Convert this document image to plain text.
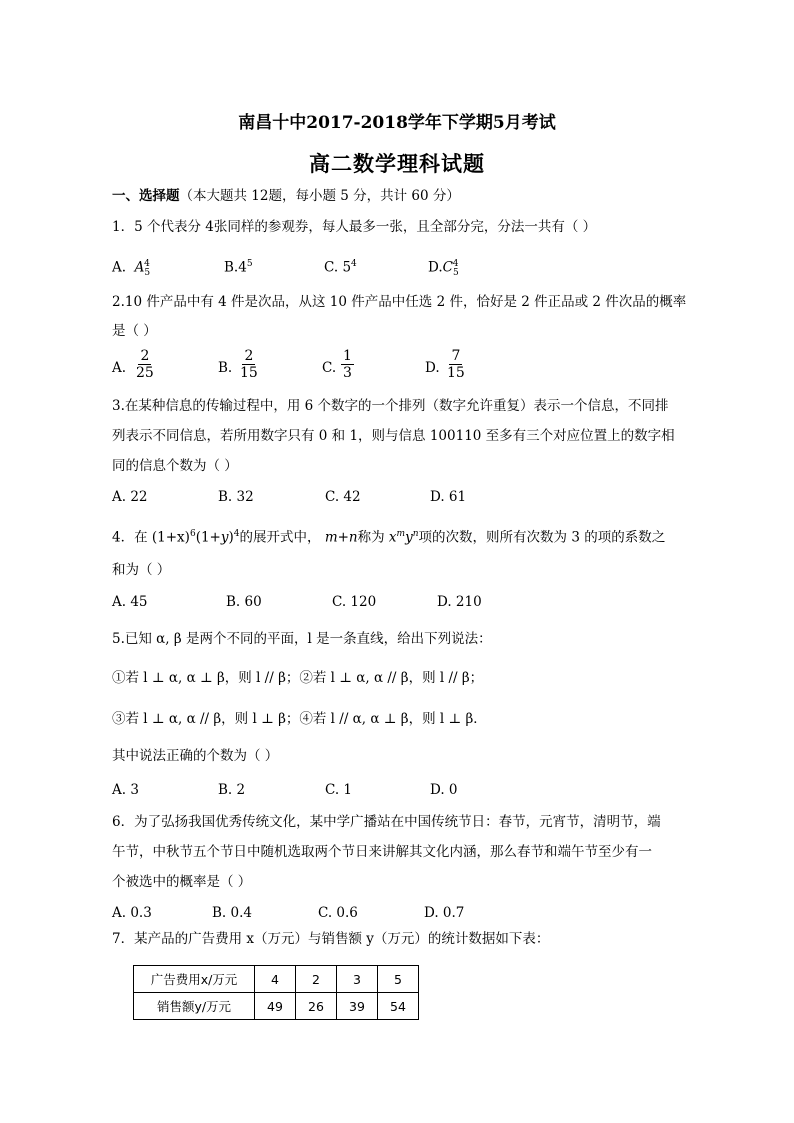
南昌十中2017-2018学年下学期5月考试
高二数学理科试题
一、选择题（本大题共 12题，每小题 5 分，共计 60 分）
1．5 个代表分 4张同样的参观券，每人最多一张，且全部分完，分法一共有（ ）
A. $A_5^4$	$B.4^5$	C. $5^4$	$D.C_5^4$
2.10 件产品中有 4 件是次品，从这 10 件产品中任选 2 件，恰好是 2 件正品或 2 件次品的概率
是（ ）
A. $\frac{2}{25}$	B. $\frac{2}{15}$	C. $\frac{1}{3}$	D. $\frac{7}{15}$
3.在某种信息的传输过程中，用 6 个数字的一个排列（数字允许重复）表示一个信息，不同排
列表示不同信息，若所用数字只有 0 和 1，则与信息 100110 至多有三个对应位置上的数字相
同的信息个数为（ ）
A. 22	B. 32	C. 42	D. 61
4．在 $(1+x)^6(1+y)^4$的展开式中， m+n称为 $x^my^n$项的次数，则所有次数为 3 的项的系数之
和为（ ）
A. 45	B. 60	C. 120	D. 210
5.已知 α, β 是两个不同的平面，l 是一条直线，给出下列说法：
①若 l ⊥ α, α ⊥ β，则 l // β；②若 l ⊥ α, α // β，则 l // β；
③若 l ⊥ α, α // β，则 l ⊥ β；④若 l // α, α ⊥ β，则 l ⊥ β．
其中说法正确的个数为（ ）
A. 3	B. 2	C. 1	D. 0
6．为了弘扬我国优秀传统文化，某中学广播站在中国传统节日：春节，元宵节，清明节，端
午节，中秋节五个节日中随机选取两个节日来讲解其文化内涵，那么春节和端午节至少有一
个被选中的概率是（ ）
A. 0.3	B. 0.4	C. 0.6	D. 0.7
7．某产品的广告费用 x（万元）与销售额 y（万元）的统计数据如下表：
广告费用x/万元	4	2	3	5
销售额y/万元	49	26	39	54
